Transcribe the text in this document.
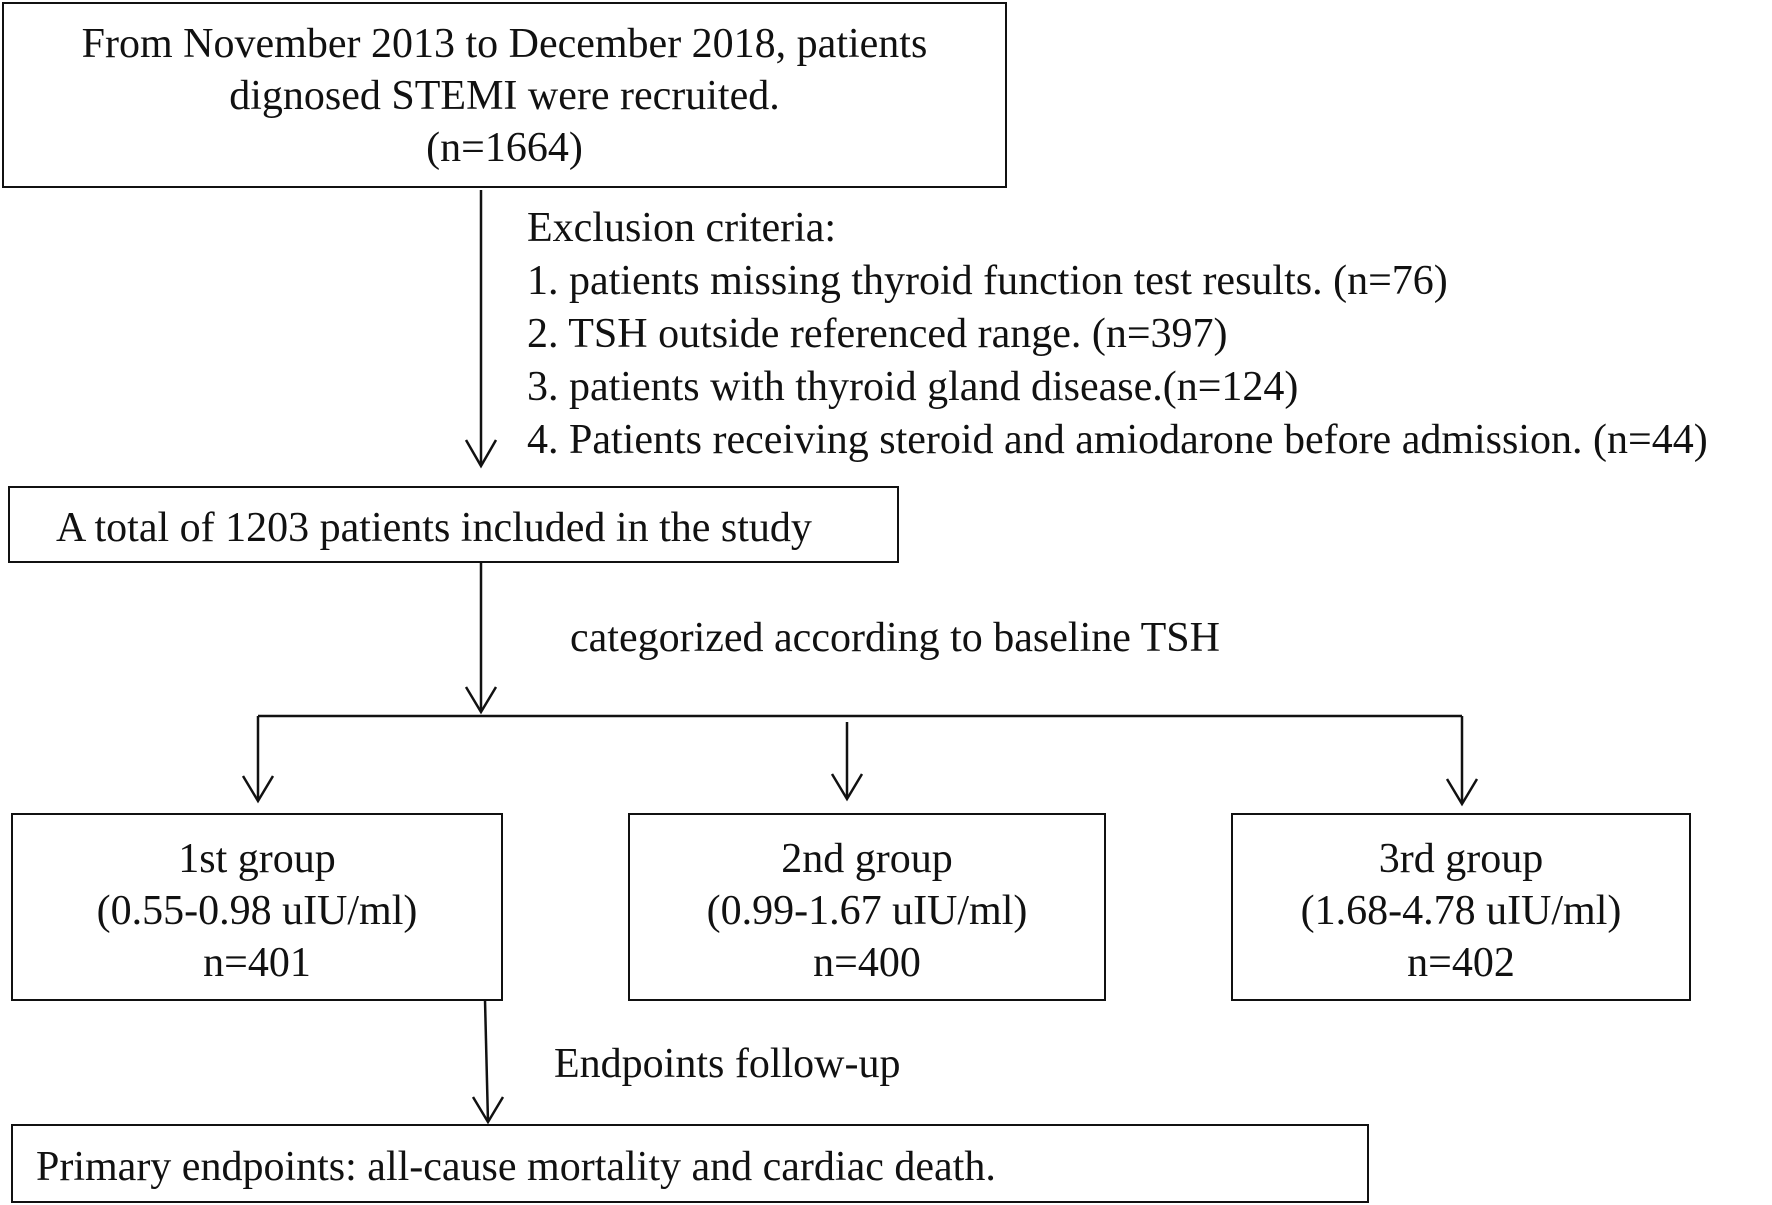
From November 2013 to December 2018, patients
dignosed STEMI were recruited.
(n=1664)
Exclusion criteria:
1. patients missing thyroid function test results. (n=76)
2. TSH outside referenced range. (n=397)
3. patients with thyroid gland disease.(n=124)
4. Patients receiving steroid and amiodarone before admission. (n=44)
A total of 1203 patients included in the study
categorized according to baseline TSH
1st group
(0.55-0.98 uIU/ml)
n=401
2nd group
(0.99-1.67 uIU/ml)
n=400
3rd group
(1.68-4.78 uIU/ml)
n=402
Endpoints follow-up
Primary endpoints: all-cause mortality and cardiac death.
